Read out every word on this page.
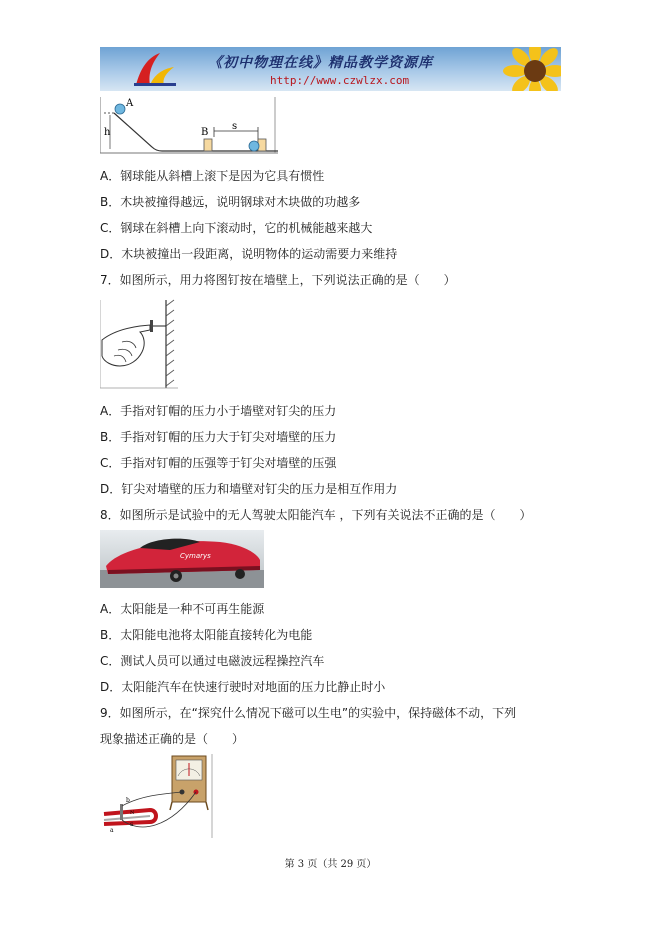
《初中物理在线》精品教学资源库
http://www.czwlzx.com
A
h	B
s
A．钢球能从斜槽上滚下是因为它具有惯性
B．木块被撞得越远，说明钢球对木块做的功越多
C．钢球在斜槽上向下滚动时，它的机械能越来越大
D．木块被撞出一段距离，说明物体的运动需要力来维持
7．如图所示，用力将图钉按在墙壁上，下列说法正确的是（　　）
A．手指对钉帽的压力小于墙壁对钉尖的压力
B．手指对钉帽的压力大于钉尖对墙壁的压力
C．手指对钉帽的压强等于钉尖对墙壁的压强
D．钉尖对墙壁的压力和墙壁对钉尖的压力是相互作用力
8．如图所示是试验中的无人驾驶太阳能汽车 ，下列有关说法不正确的是（　　）
Cymarys
A．太阳能是一种不可再生能源
B．太阳能电池将太阳能直接转化为电能
C．测试人员可以通过电磁波远程操控汽车
D．太阳能汽车在快速行驶时对地面的压力比静止时小
9．如图所示，在“探究什么情况下磁可以生电”的实验中，保持磁体不动，下列
现象描述正确的是（　　）
a
b
N
S
第 3 页（共 29 页）
